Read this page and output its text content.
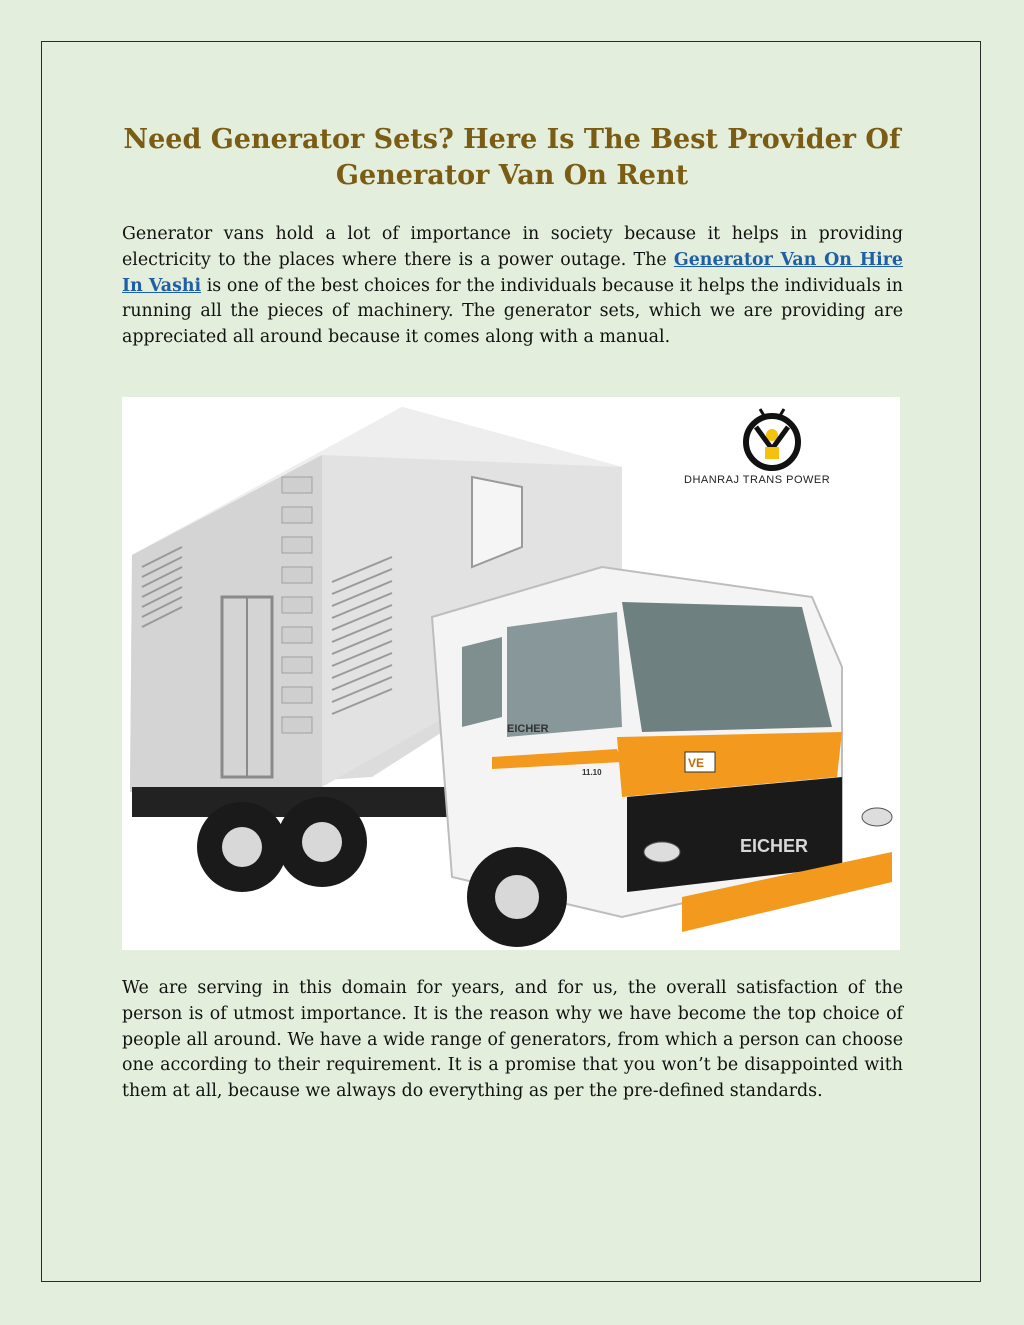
Need Generator Sets? Here Is The Best Provider Of Generator Van On Rent

Generator vans hold a lot of importance in society because it helps in providing electricity to the places where there is a power outage. The Generator Van On Hire In Vashi is one of the best choices for the individuals because it helps the individuals in running all the pieces of machinery. The generator sets, which we are providing are appreciated all around because it comes along with a manual.

DHANRAJ TRANS POWER
EICHER
EICHER
VE
11.10

We are serving in this domain for years, and for us, the overall satisfaction of the person is of utmost importance. It is the reason why we have become the top choice of people all around. We have a wide range of generators, from which a person can choose one according to their requirement. It is a promise that you won’t be disappointed with them at all, because we always do everything as per the pre-defined standards.
